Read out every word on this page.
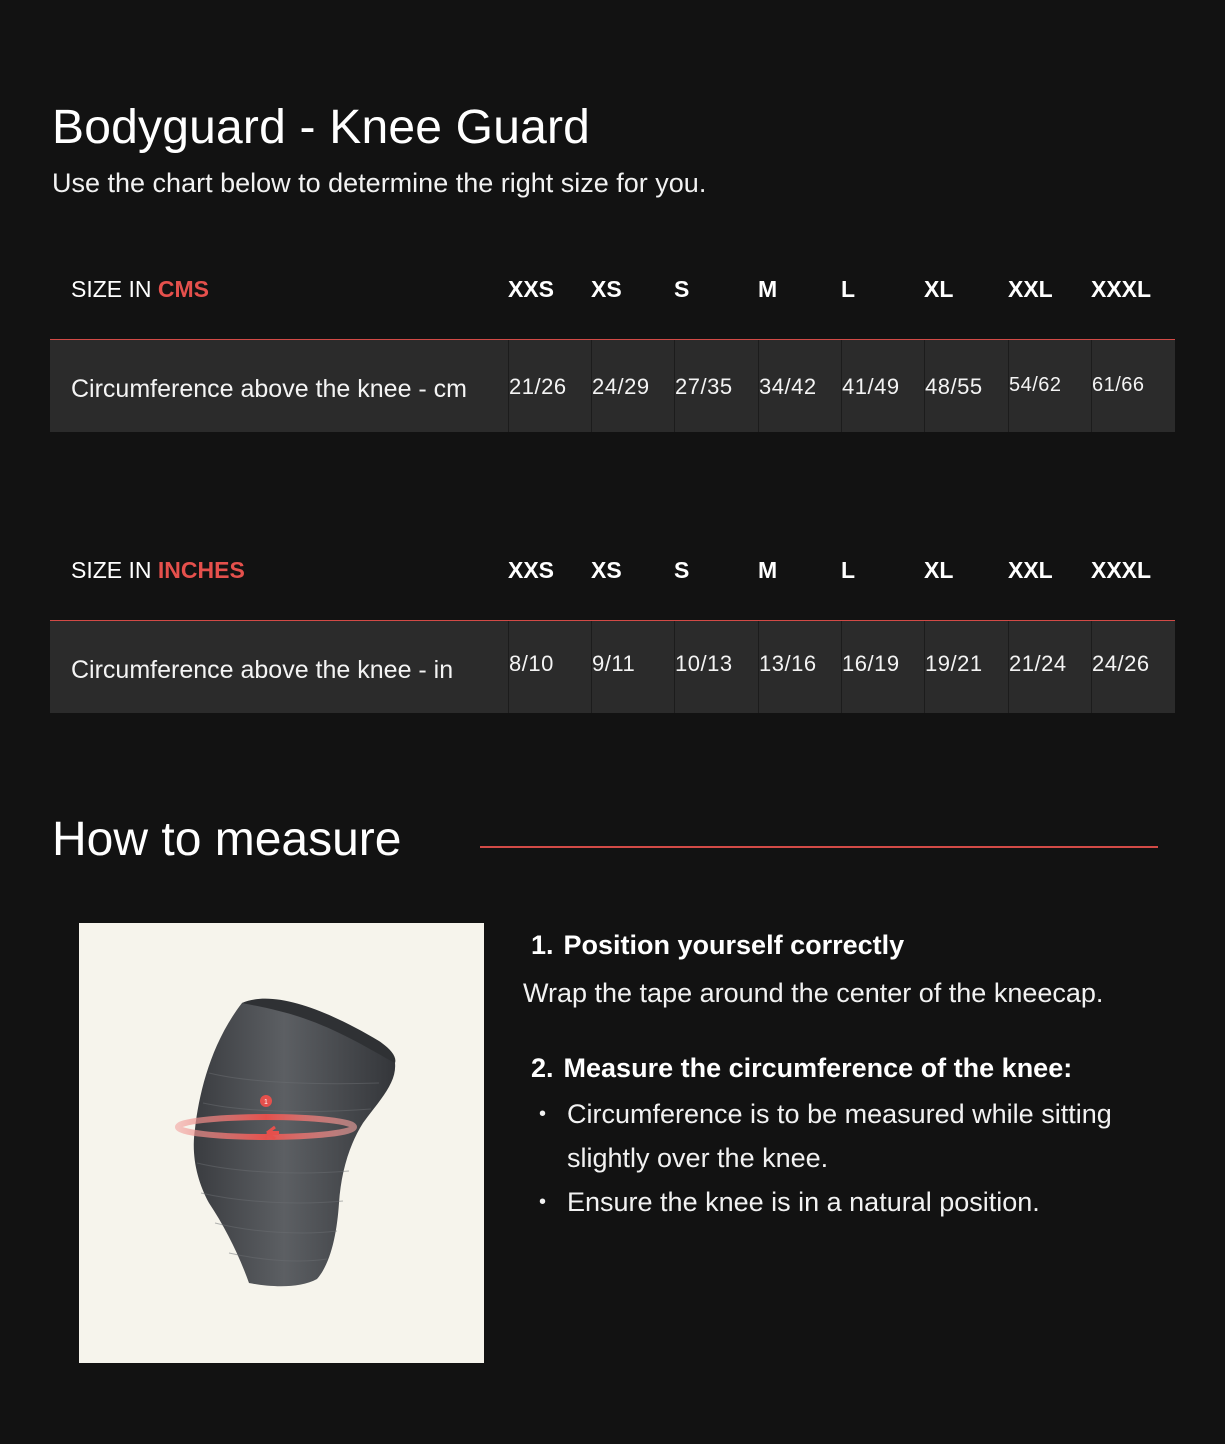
Bodyguard - Knee Guard

Use the chart below to determine the right size for you.

SIZE IN CMS	XXS XS S	M	L	XL XXL XXXL
Circumference above the knee - cm 21/26 24/29 27/35 34/42 41/49 48/55 54/62 61/66
SIZE IN INCHES	XXS XS S	M	L	XL XXL XXXL
Circumference above the knee - in	8/10 9/11 10/13 13/16 16/19 19/21 21/24 24/26
How to measure
1
1. Position yourself correctly

Wrap the tape around the center of the kneecap.

2. Measure the circumference of the knee:
• Circumference is to be measured while sitting slightly over the knee.
• Ensure the knee is in a natural position.
